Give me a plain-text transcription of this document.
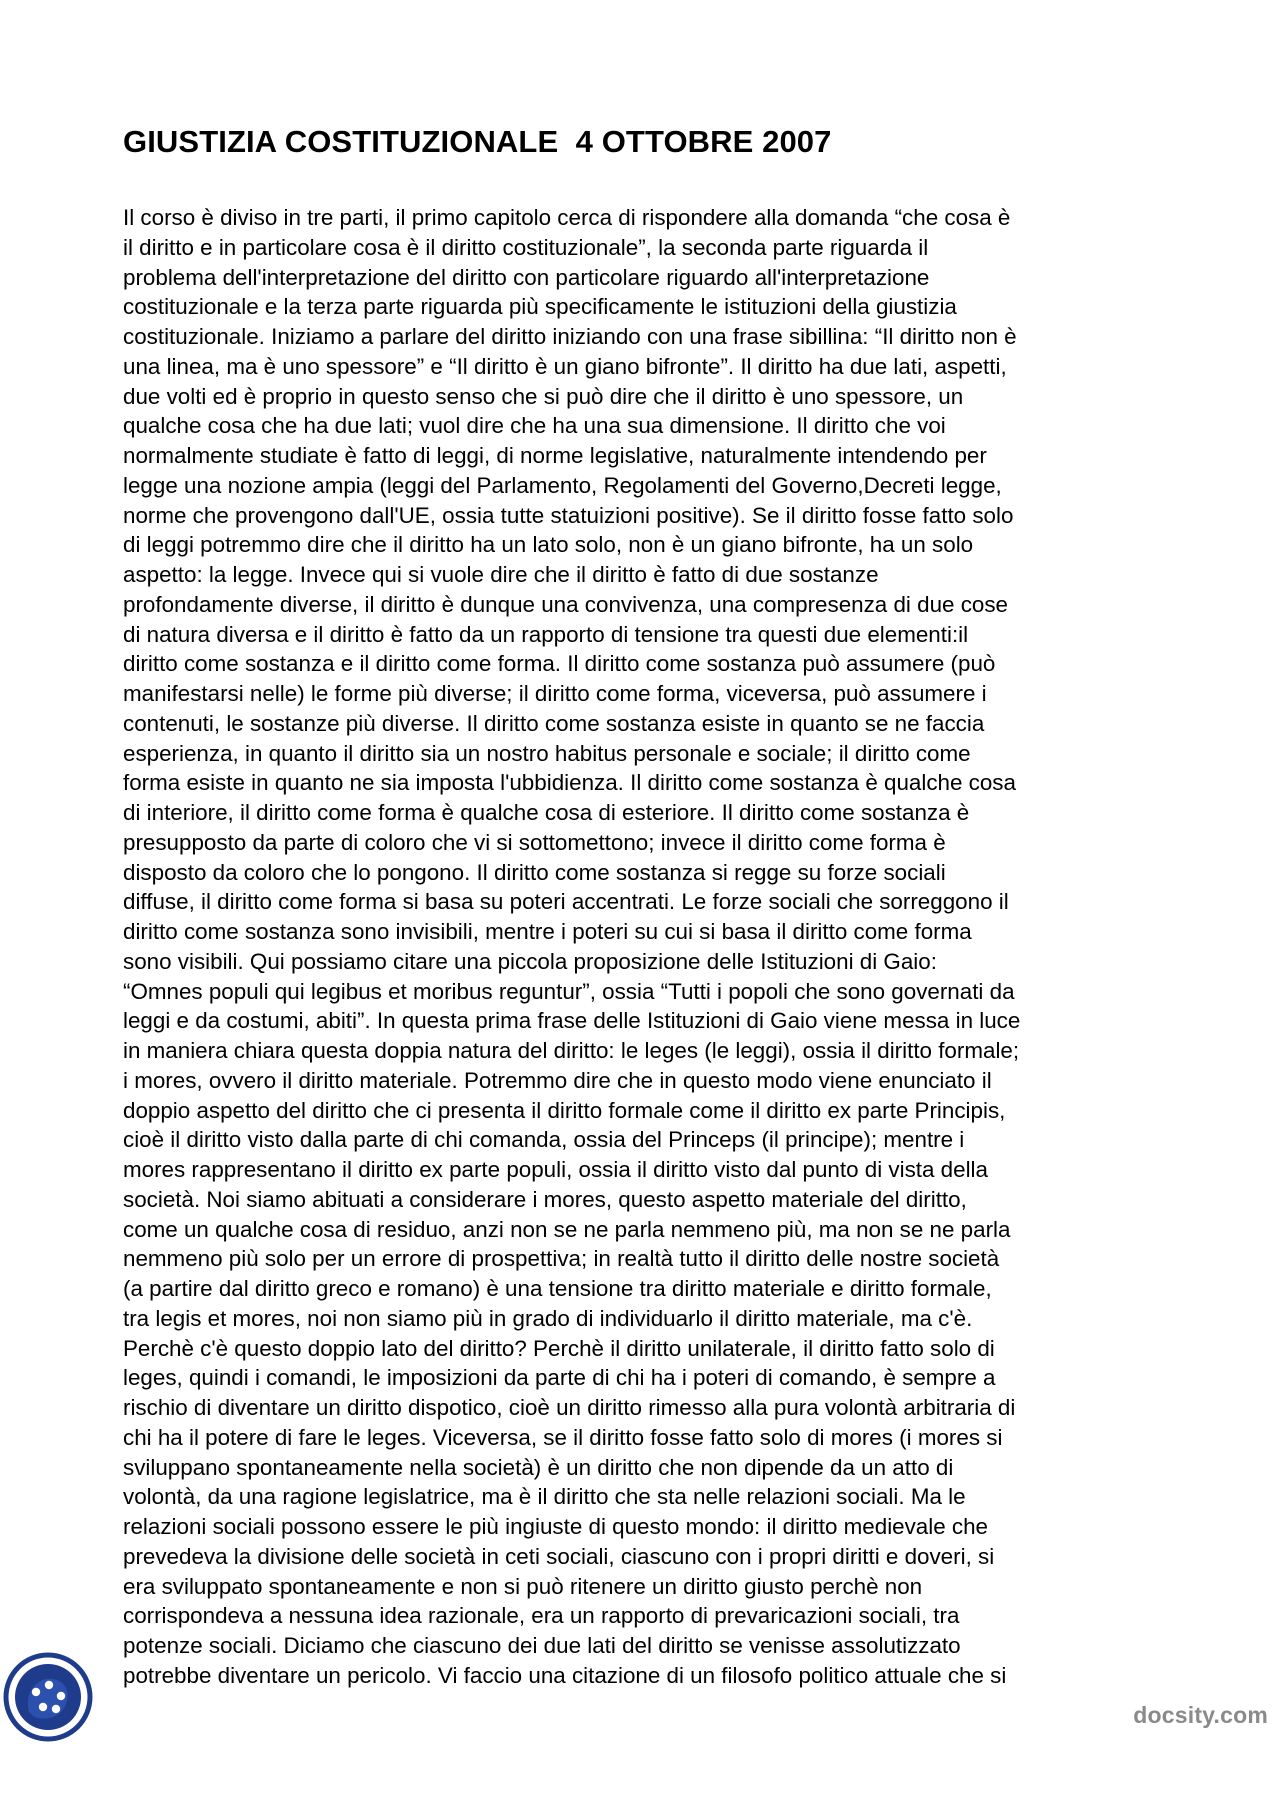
GIUSTIZIA COSTITUZIONALE  4 OTTOBRE 2007
Il corso è diviso in tre parti, il primo capitolo cerca di rispondere alla domanda “che cosa è
il diritto e in particolare cosa è il diritto costituzionale”, la seconda parte riguarda il
problema dell'interpretazione del diritto con particolare riguardo all'interpretazione
costituzionale e la terza parte riguarda più specificamente le istituzioni della giustizia
costituzionale. Iniziamo a parlare del diritto iniziando con una frase sibillina: “Il diritto non è
una linea, ma è uno spessore” e “Il diritto è un giano bifronte”. Il diritto ha due lati, aspetti,
due volti ed è proprio in questo senso che si può dire che il diritto è uno spessore, un
qualche cosa che ha due lati; vuol dire che ha una sua dimensione. Il diritto che voi
normalmente studiate è fatto di leggi, di norme legislative, naturalmente intendendo per
legge una nozione ampia (leggi del Parlamento, Regolamenti del Governo,Decreti legge,
norme che provengono dall'UE, ossia tutte statuizioni positive). Se il diritto fosse fatto solo
di leggi potremmo dire che il diritto ha un lato solo, non è un giano bifronte, ha un solo
aspetto: la legge. Invece qui si vuole dire che il diritto è fatto di due sostanze
profondamente diverse, il diritto è dunque una convivenza, una compresenza di due cose
di natura diversa e il diritto è fatto da un rapporto di tensione tra questi due elementi:il
diritto come sostanza e il diritto come forma. Il diritto come sostanza può assumere (può
manifestarsi nelle) le forme più diverse; il diritto come forma, viceversa, può assumere i
contenuti, le sostanze più diverse. Il diritto come sostanza esiste in quanto se ne faccia
esperienza, in quanto il diritto sia un nostro habitus personale e sociale; il diritto come
forma esiste in quanto ne sia imposta l'ubbidienza. Il diritto come sostanza è qualche cosa
di interiore, il diritto come forma è qualche cosa di esteriore. Il diritto come sostanza è
presupposto da parte di coloro che vi si sottomettono; invece il diritto come forma è
disposto da coloro che lo pongono. Il diritto come sostanza si regge su forze sociali
diffuse, il diritto come forma si basa su poteri accentrati. Le forze sociali che sorreggono il
diritto come sostanza sono invisibili, mentre i poteri su cui si basa il diritto come forma
sono visibili. Qui possiamo citare una piccola proposizione delle Istituzioni di Gaio:
“Omnes populi qui legibus et moribus reguntur”, ossia “Tutti i popoli che sono governati da
leggi e da costumi, abiti”. In questa prima frase delle Istituzioni di Gaio viene messa in luce
in maniera chiara questa doppia natura del diritto: le leges (le leggi), ossia il diritto formale;
i mores, ovvero il diritto materiale. Potremmo dire che in questo modo viene enunciato il
doppio aspetto del diritto che ci presenta il diritto formale come il diritto ex parte Principis,
cioè il diritto visto dalla parte di chi comanda, ossia del Princeps (il principe); mentre i
mores rappresentano il diritto ex parte populi, ossia il diritto visto dal punto di vista della
società. Noi siamo abituati a considerare i mores, questo aspetto materiale del diritto,
come un qualche cosa di residuo, anzi non se ne parla nemmeno più, ma non se ne parla
nemmeno più solo per un errore di prospettiva; in realtà tutto il diritto delle nostre società
(a partire dal diritto greco e romano) è una tensione tra diritto materiale e diritto formale,
tra legis et mores, noi non siamo più in grado di individuarlo il diritto materiale, ma c'è.
Perchè c'è questo doppio lato del diritto? Perchè il diritto unilaterale, il diritto fatto solo di
leges, quindi i comandi, le imposizioni da parte di chi ha i poteri di comando, è sempre a
rischio di diventare un diritto dispotico, cioè un diritto rimesso alla pura volontà arbitraria di
chi ha il potere di fare le leges. Viceversa, se il diritto fosse fatto solo di mores (i mores si
sviluppano spontaneamente nella società) è un diritto che non dipende da un atto di
volontà, da una ragione legislatrice, ma è il diritto che sta nelle relazioni sociali. Ma le
relazioni sociali possono essere le più ingiuste di questo mondo: il diritto medievale che
prevedeva la divisione delle società in ceti sociali, ciascuno con i propri diritti e doveri, si
era sviluppato spontaneamente e non si può ritenere un diritto giusto perchè non
corrispondeva a nessuna idea razionale, era un rapporto di prevaricazioni sociali, tra
potenze sociali. Diciamo che ciascuno dei due lati del diritto se venisse assolutizzato
potrebbe diventare un pericolo. Vi faccio una citazione di un filosofo politico attuale che si
docsity.com
